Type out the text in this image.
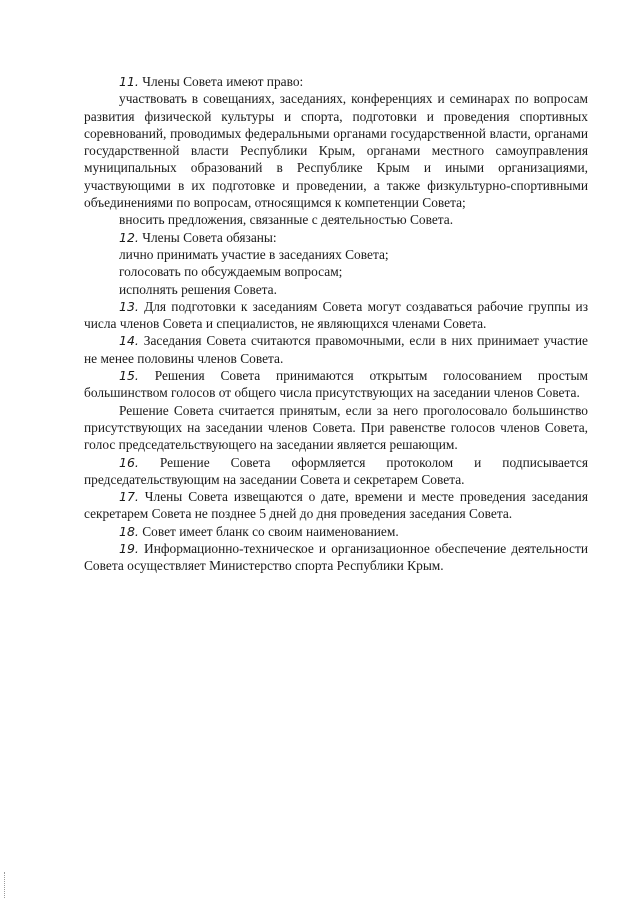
11. Члены Совета имеют право:

участвовать в совещаниях, заседаниях, конференциях и семинарах по вопросам развития физической культуры и спорта, подготовки и проведения спортивных соревнований, проводимых федеральными органами государственной власти, органами государственной власти Республики Крым, органами местного самоуправления муниципальных образований в Республике Крым и иными организациями, участвующими в их подготовке и проведении, а также физкультурно-спортивными объединениями по вопросам, относящимся к компетенции Совета;

вносить предложения, связанные с деятельностью Совета.

12. Члены Совета обязаны:

лично принимать участие в заседаниях Совета;

голосовать по обсуждаемым вопросам;

исполнять решения Совета.

13. Для подготовки к заседаниям Совета могут создаваться рабочие группы из числа членов Совета и специалистов, не являющихся членами Совета.

14. Заседания Совета считаются правомочными, если в них принимает участие не менее половины членов Совета.

15. Решения Совета принимаются открытым голосованием простым большинством голосов от общего числа присутствующих на заседании членов Совета.

Решение Совета считается принятым, если за него проголосовало большинство присутствующих на заседании членов Совета. При равенстве голосов членов Совета, голос председательствующего на заседании является решающим.

16. Решение Совета оформляется протоколом и подписывается председательствующим на заседании Совета и секретарем Совета.

17. Члены Совета извещаются о дате, времени и месте проведения заседания секретарем Совета не позднее 5 дней до дня проведения заседания Совета.

18. Совет имеет бланк со своим наименованием.

19. Информационно-техническое и организационное обеспечение деятельности Совета осуществляет Министерство спорта Республики Крым.
